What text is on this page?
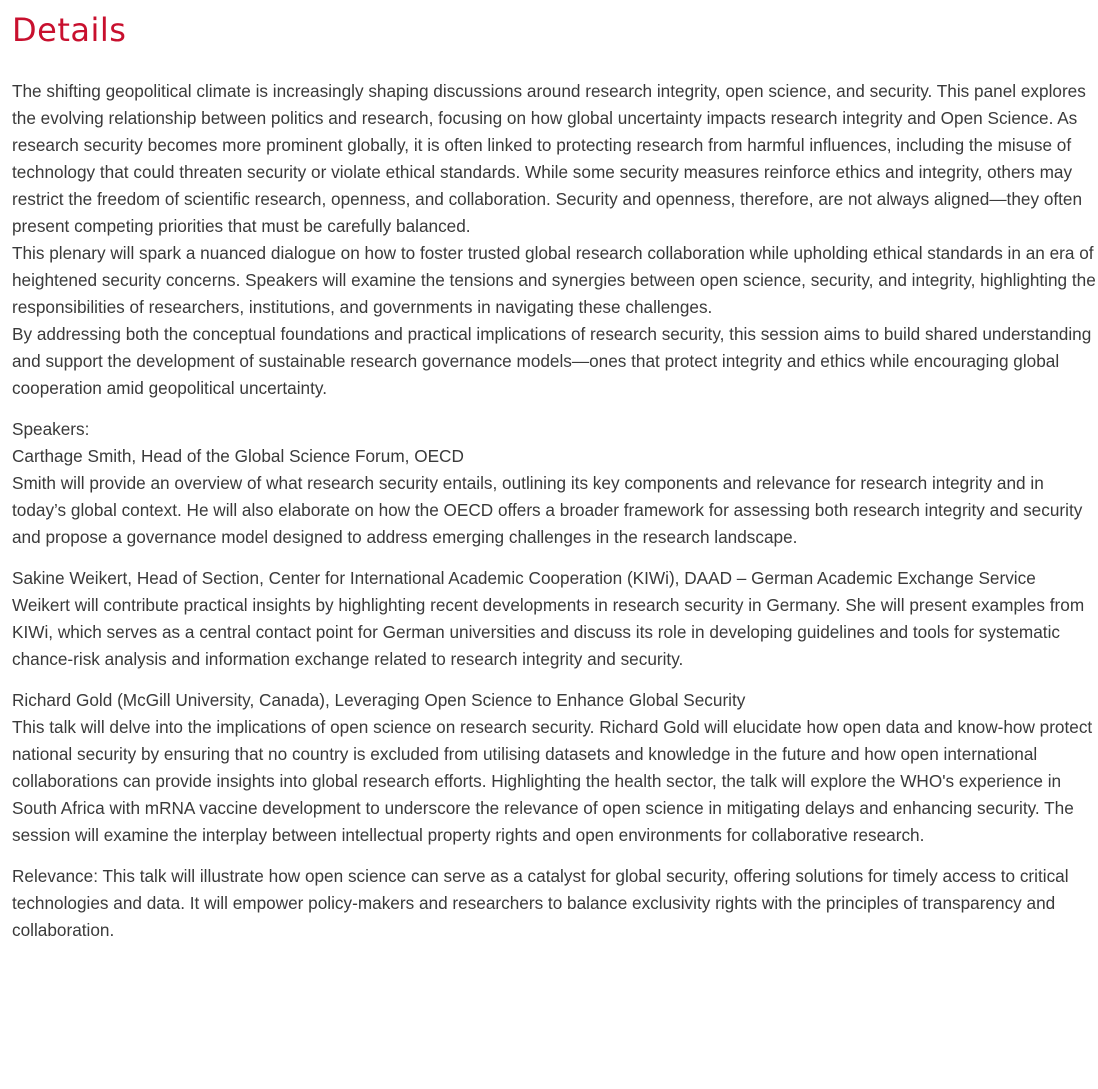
Details

The shifting geopolitical climate is increasingly shaping discussions around research integrity, open science, and security. This panel explores the evolving relationship between politics and research, focusing on how global uncertainty impacts research integrity and Open Science. As research security becomes more prominent globally, it is often linked to protecting research from harmful influences, including the misuse of technology that could threaten security or violate ethical standards. While some security measures reinforce ethics and integrity, others may restrict the freedom of scientific research, openness, and collaboration. Security and openness, therefore, are not always aligned—they often present competing priorities that must be carefully balanced.

This plenary will spark a nuanced dialogue on how to foster trusted global research collaboration while upholding ethical standards in an era of heightened security concerns. Speakers will examine the tensions and synergies between open science, security, and integrity, highlighting the responsibilities of researchers, institutions, and governments in navigating these challenges.

By addressing both the conceptual foundations and practical implications of research security, this session aims to build shared understanding and support the development of sustainable research governance models—ones that protect integrity and ethics while encouraging global cooperation amid geopolitical uncertainty.

Speakers:

Carthage Smith, Head of the Global Science Forum, OECD

Smith will provide an overview of what research security entails, outlining its key components and relevance for research integrity and in today’s global context. He will also elaborate on how the OECD offers a broader framework for assessing both research integrity and security and propose a governance model designed to address emerging challenges in the research landscape.

Sakine Weikert, Head of Section, Center for International Academic Cooperation (KIWi), DAAD – German Academic Exchange Service

Weikert will contribute practical insights by highlighting recent developments in research security in Germany. She will present examples from KIWi, which serves as a central contact point for German universities and discuss its role in developing guidelines and tools for systematic chance-risk analysis and information exchange related to research integrity and security.

Richard Gold (McGill University, Canada), Leveraging Open Science to Enhance Global Security

This talk will delve into the implications of open science on research security. Richard Gold will elucidate how open data and know-how protect national security by ensuring that no country is excluded from utilising datasets and knowledge in the future and how open international collaborations can provide insights into global research efforts. Highlighting the health sector, the talk will explore the WHO's experience in South Africa with mRNA vaccine development to underscore the relevance of open science in mitigating delays and enhancing security. The session will examine the interplay between intellectual property rights and open environments for collaborative research.

Relevance: This talk will illustrate how open science can serve as a catalyst for global security, offering solutions for timely access to critical technologies and data. It will empower policy-makers and researchers to balance exclusivity rights with the principles of transparency and collaboration.
